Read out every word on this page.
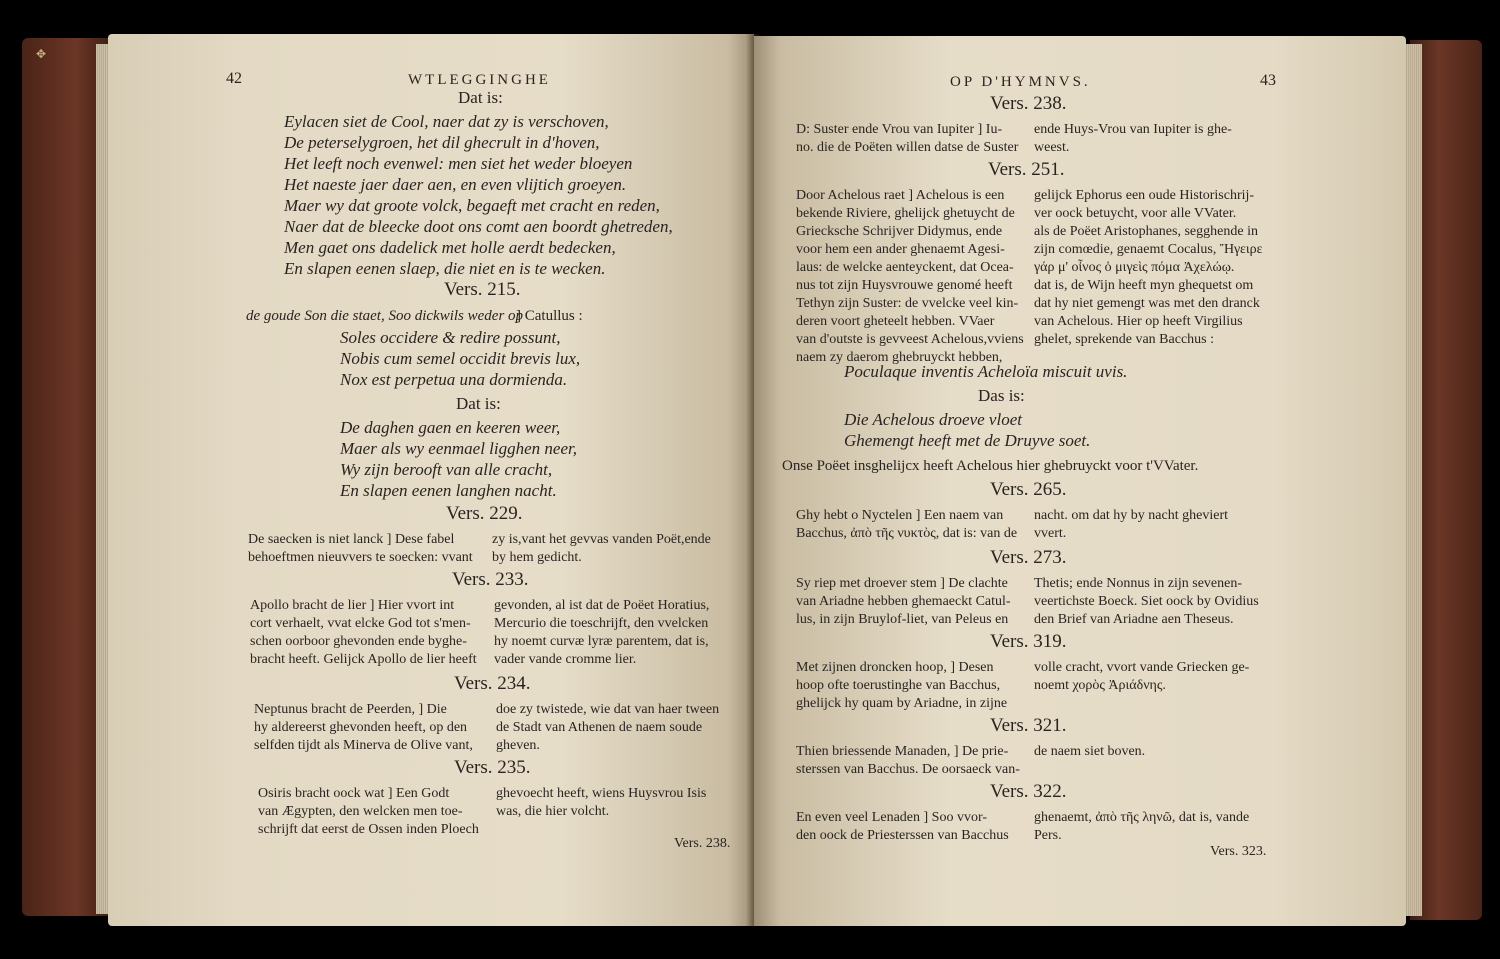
✥
42	WTLEGGINGHE
Dat is:
Eylacen siet de Cool, naer dat zy is verschoven,
De peterselygroen, het dil ghecrult in d'hoven,
Het leeft noch evenwel: men siet het weder bloeyen
Het naeste jaer daer aen, en even vlijtich groeyen.
Maer wy dat groote volck, begaeft met cracht en reden,
Naer dat de bleecke doot ons comt aen boordt ghetreden,
Men gaet ons dadelick met holle aerdt bedecken,
En slapen eenen slaep, die niet en is te wecken.
Vers. 215.
de goude Son die staet, Soo dickwils weder op
] Catullus :
Soles occidere & redire possunt,
Nobis cum semel occidit brevis lux,
Nox est perpetua una dormienda.
Dat is:
De daghen gaen en keeren weer,
Maer als wy eenmael ligghen neer,
Wy zijn berooft van alle cracht,
En slapen eenen langhen nacht.
Vers. 229.
De saecken is niet lanck ] Dese fabel
behoeftmen nieuvvers te soecken: vvant
zy is,vant het gevvas vanden Poët,ende
by hem gedicht.
Vers. 233.
Apollo bracht de lier ] Hier vvort int
cort verhaelt, vvat elcke God tot s'men-
schen oorboor ghevonden ende byghe-
bracht heeft. Gelijck Apollo de lier heeft
gevonden, al ist dat de Poëet Horatius,
Mercurio die toeschrijft, den vvelcken
hy noemt curvæ lyræ parentem, dat is,
vader vande cromme lier.
Vers. 234.
Neptunus bracht de Peerden, ] Die
hy aldereerst ghevonden heeft, op den
selfden tijdt als Minerva de Olive vant,
doe zy twistede, wie dat van haer tween
de Stadt van Athenen de naem soude
gheven.
Vers. 235.
Osiris bracht oock wat ] Een Godt
van Ægypten, den welcken men toe-
schrijft dat eerst de Ossen inden Ploech
ghevoecht heeft, wiens Huysvrou Isis
was, die hier volcht.
Vers. 238.
OP D'HYMNVS.	43
Vers. 238.
D: Suster ende Vrou van Iupiter ] Iu-
no. die de Poëten willen datse de Suster
ende Huys-Vrou van Iupiter is ghe-
weest.
Vers. 251.
Door Achelous raet ] Achelous is een
bekende Riviere, ghelijck ghetuycht de
Griecksche Schrijver Didymus, ende
voor hem een ander ghenaemt Agesi-
laus: de welcke aenteyckent, dat Ocea-
nus tot zijn Huysvrouwe genomé heeft
Tethyn zijn Suster: de vvelcke veel kin-
deren voort gheteelt hebben. VVaer
van d'outste is gevveest Achelous,vviens
naem zy daerom ghebruyckt hebben,
gelijck Ephorus een oude Historischrij-
ver oock betuycht, voor alle VVater.
als de Poëet Aristophanes, segghende in
zijn comœdie, genaemt Cocalus, Ἤγειρε
γάρ μ' οἶνος ὁ μιγεὶς πόμα Ἀχελώῳ.
dat is, de Wijn heeft myn ghequetst om
dat hy niet gemengt was met den dranck
van Achelous. Hier op heeft Virgilius
ghelet, sprekende van Bacchus :
Poculaque inventis Acheloïa miscuit uvis.
Das is:
Die Achelous droeve vloet
Ghemengt heeft met de Druyve soet.
Onse Poëet insghelijcx heeft Achelous hier ghebruyckt voor t'VVater.
Vers. 265.
Ghy hebt o Nyctelen ] Een naem van
Bacchus, ἀπὸ τῆς νυκτὸς, dat is: van de
nacht. om dat hy by nacht gheviert
vvert.
Vers. 273.
Sy riep met droever stem ] De clachte
van Ariadne hebben ghemaeckt Catul-
lus, in zijn Bruylof-liet, van Peleus en
Thetis; ende Nonnus in zijn sevenen-
veertichste Boeck. Siet oock by Ovidius
den Brief van Ariadne aen Theseus.
Vers. 319.
Met zijnen droncken hoop, ] Desen
hoop ofte toerustinghe van Bacchus,
ghelijck hy quam by Ariadne, in zijne
volle cracht, vvort vande Griecken ge-
noemt χορὸς Ἀριάδνης.
Vers. 321.
Thien briessende Manaden, ] De prie-
sterssen van Bacchus. De oorsaeck van-
de naem siet boven.
Vers. 322.
En even veel Lenaden ] Soo vvor-
den oock de Priesterssen van Bacchus
ghenaemt, ἀπὸ τῆς ληνῶ, dat is, vande
Pers.
Vers. 323.
